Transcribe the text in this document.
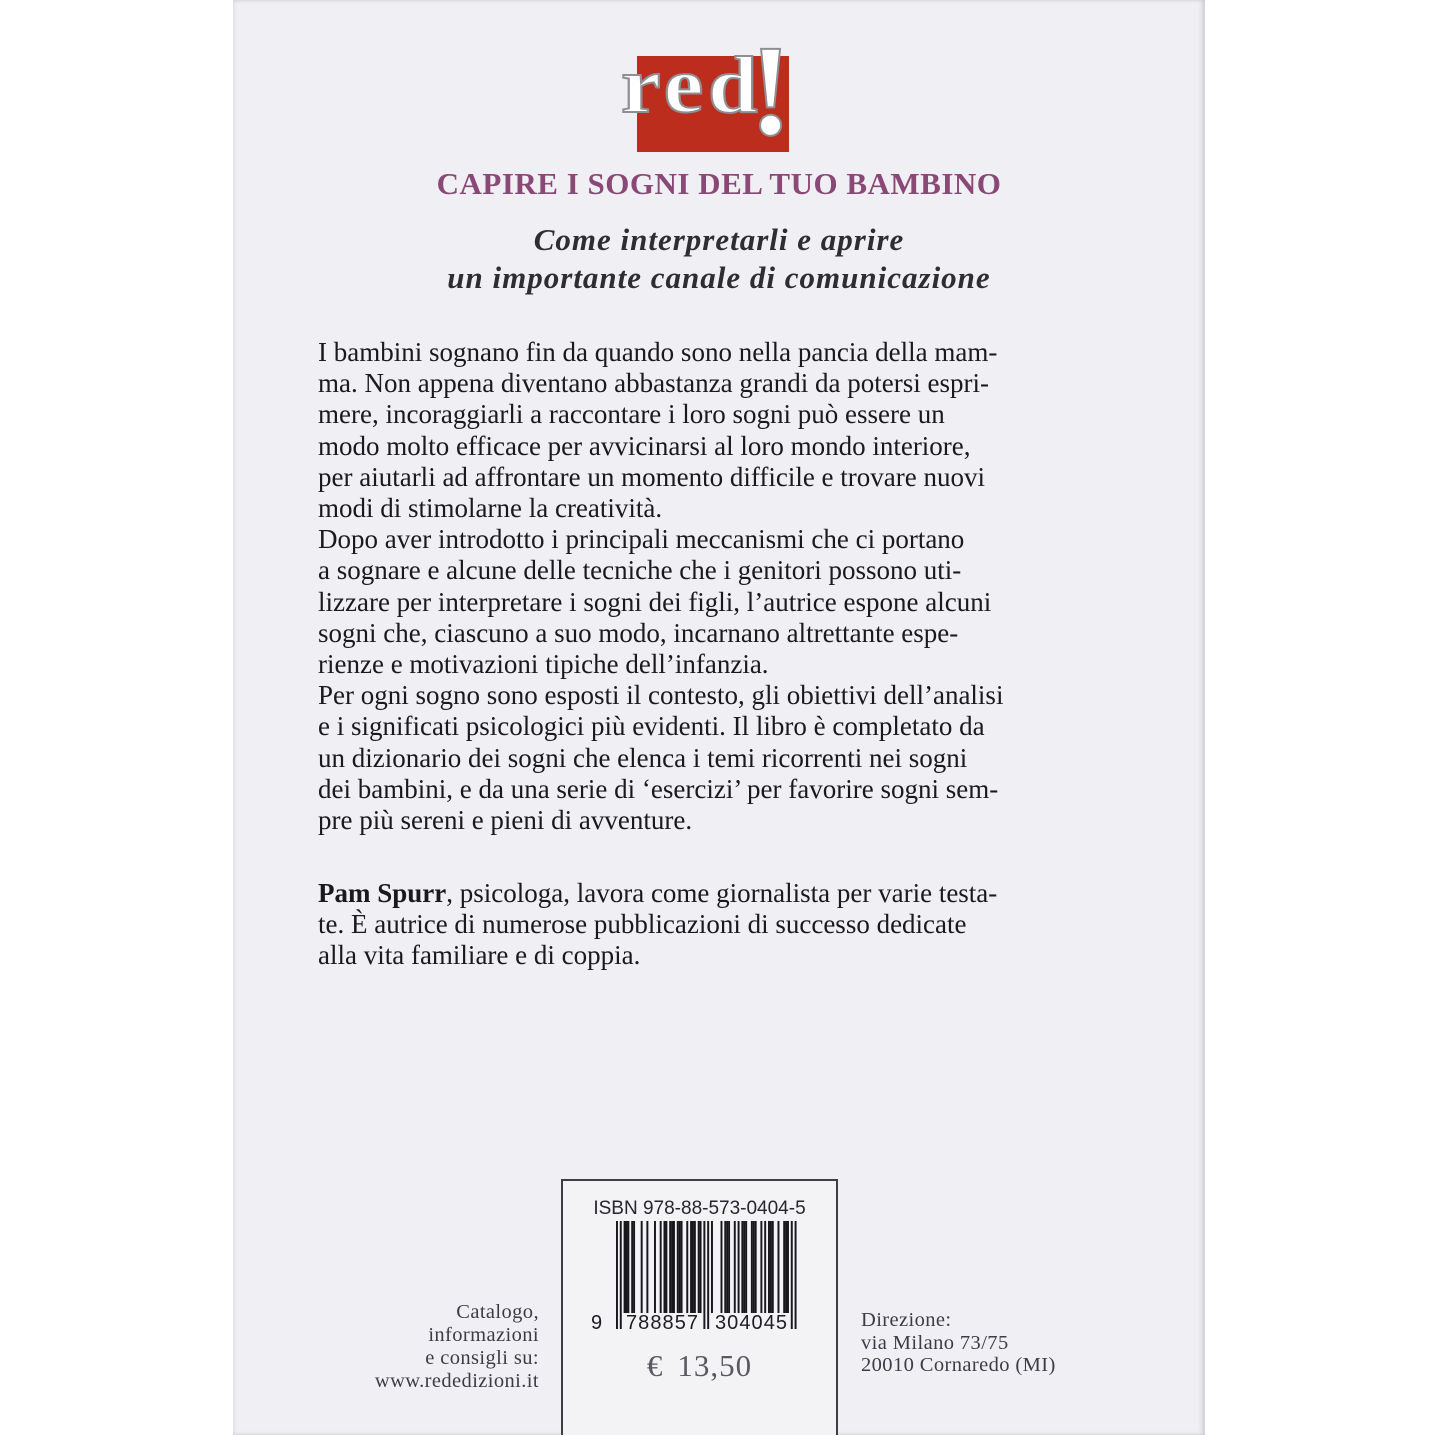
red
!
CAPIRE I SOGNI DEL TUO BAMBINO
Come interpretarli e aprire
un importante canale di comunicazione
I bambini sognano fin da quando sono nella pancia della mam-
ma. Non appena diventano abbastanza grandi da potersi espri-
mere, incoraggiarli a raccontare i loro sogni può essere un
modo molto efficace per avvicinarsi al loro mondo interiore,
per aiutarli ad affrontare un momento difficile e trovare nuovi
modi di stimolarne la creatività.
Dopo aver introdotto i principali meccanismi che ci portano
a sognare e alcune delle tecniche che i genitori possono uti-
lizzare per interpretare i sogni dei figli, l’autrice espone alcuni
sogni che, ciascuno a suo modo, incarnano altrettante espe-
rienze e motivazioni tipiche dell’infanzia.
Per ogni sogno sono esposti il contesto, gli obiettivi dell’analisi
e i significati psicologici più evidenti. Il libro è completato da
un dizionario dei sogni che elenca i temi ricorrenti nei sogni
dei bambini, e da una serie di ‘esercizi’ per favorire sogni sem-
pre più sereni e pieni di avventure.
Pam Spurr, psicologa, lavora come giornalista per varie testa-
te. È autrice di numerose pubblicazioni di successo dedicate
alla vita familiare e di coppia.
ISBN 978-88-573-0404-5
9 7 8 8 8 5 7 3 0 4 0 4 5
€ 13,50
Catalogo, informazioni
e consigli su:
www.rededizioni.it
Direzione:
via Milano 73/75
20010 Cornaredo (MI)
